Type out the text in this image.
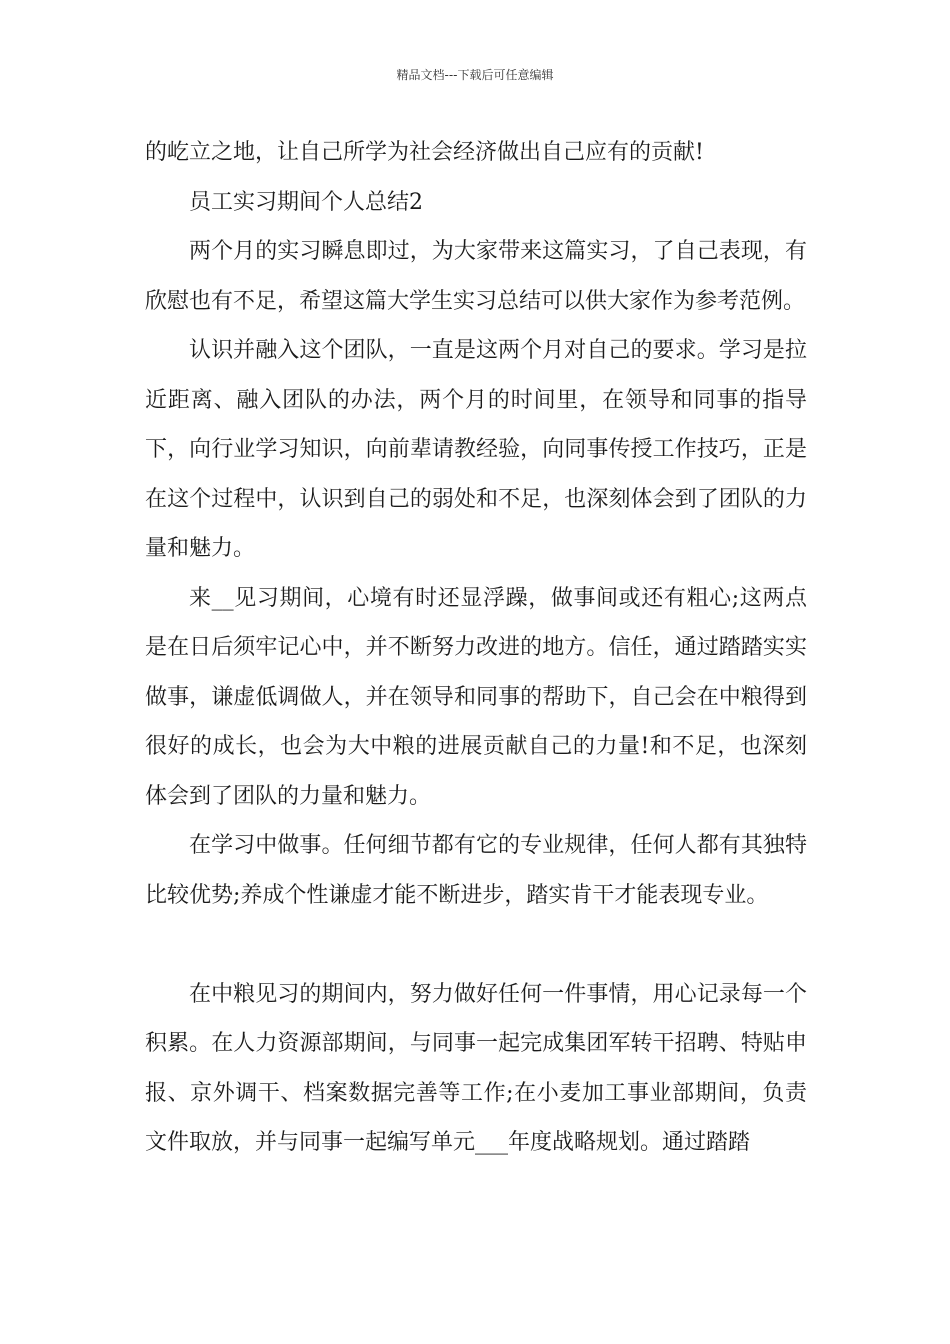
精品文档---下载后可任意编辑

的屹立之地，让自己所学为社会经济做出自己应有的贡献!

员工实习期间个人总结2

两个月的实习瞬息即过，为大家带来这篇实习，了自己表现，有欣慰也有不足，希望这篇大学生实习总结可以供大家作为参考范例。

认识并融入这个团队，一直是这两个月对自己的要求。学习是拉近距离、融入团队的办法，两个月的时间里，在领导和同事的指导下，向行业学习知识，向前辈请教经验，向同事传授工作技巧，正是在这个过程中，认识到自己的弱处和不足，也深刻体会到了团队的力量和魅力。

来__见习期间，心境有时还显浮躁，做事间或还有粗心;这两点是在日后须牢记心中，并不断努力改进的地方。信任，通过踏踏实实做事，谦虚低调做人，并在领导和同事的帮助下，自己会在中粮得到很好的成长，也会为大中粮的进展贡献自己的力量!和不足，也深刻体会到了团队的力量和魅力。

在学习中做事。任何细节都有它的专业规律，任何人都有其独特比较优势;养成个性谦虚才能不断进步，踏实肯干才能表现专业。

在中粮见习的期间内，努力做好任何一件事情，用心记录每一个积累。在人力资源部期间，与同事一起完成集团军转干招聘、特贴申报、京外调干、档案数据完善等工作;在小麦加工事业部期间，负责文件取放，并与同事一起编写单元___年度战略规划。通过踏踏
